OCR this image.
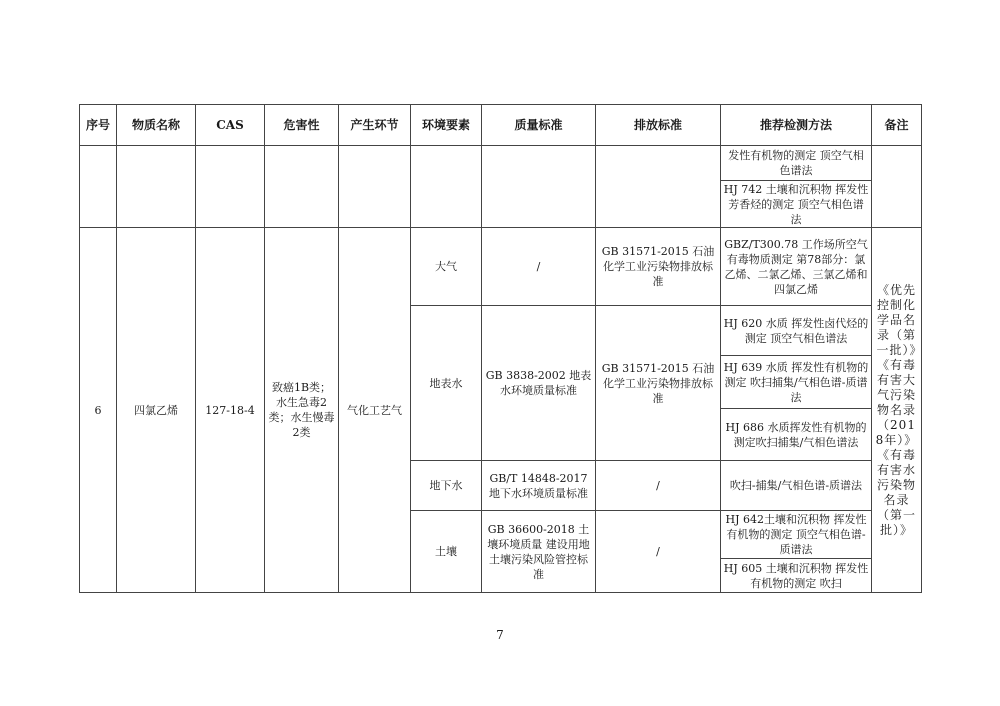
序号	物质名称	CAS	危害性	产生环节	环境要素	质量标准	排放标准	推荐检测方法	备注
								发性有机物的测定 顶空气相色谱法	
								HJ 742 土壤和沉积物 挥发性芳香烃的测定 顶空气相色谱法	
6	四氯乙烯	127-18-4	致癌1B类；水生急毒2类；水生慢毒2类	气化工艺气	大气	/	GB 31571-2015 石油化学工业污染物排放标准	GBZ/T300.78 工作场所空气有毒物质测定 第78部分：氯乙烯、二氯乙烯、三氯乙烯和四氯乙烯	《优先控制化学品名录（第一批）》《有毒有害大气污染物名录（2018年）》《有毒有害水污染物名录（第一批）》
					地表水	GB 3838-2002 地表水环境质量标准	GB 31571-2015 石油化学工业污染物排放标准	HJ 620 水质 挥发性卤代烃的测定 顶空气相色谱法	
								HJ 639 水质 挥发性有机物的测定 吹扫捕集/气相色谱-质谱法	
								HJ 686 水质挥发性有机物的测定吹扫捕集/气相色谱法	
					地下水	GB/T 14848-2017 地下水环境质量标准	/	吹扫-捕集/气相色谱-质谱法	
					土壤	GB 36600-2018 土壤环境质量 建设用地土壤污染风险管控标准	/	HJ 642土壤和沉积物 挥发性有机物的测定 顶空气相色谱-质谱法	
								HJ 605 土壤和沉积物 挥发性有机物的测定 吹扫	
7
